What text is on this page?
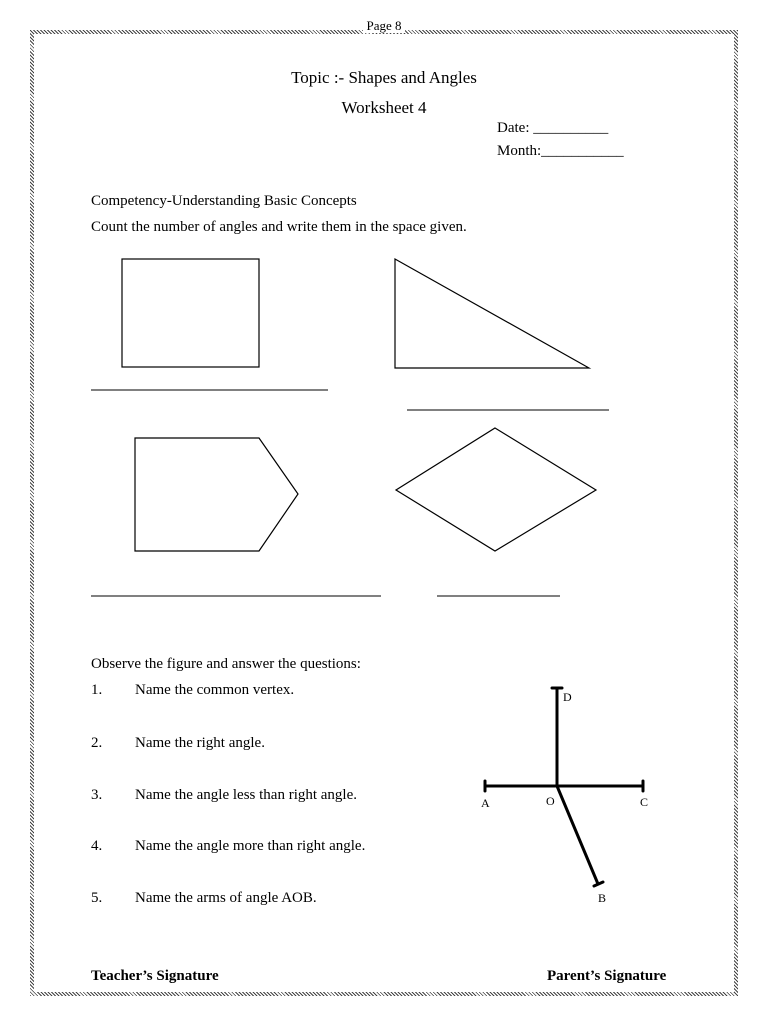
Page 8
Topic :- Shapes and Angles
Worksheet 4
Date: __________
Month:___________
Competency-Understanding Basic Concepts
Count the number of angles and write them in the space given.
A	O	C
D
B
Observe the figure and answer the questions:
1. Name the common vertex.
2. Name the right angle.
3. Name the angle less than right angle.
4. Name the angle more than right angle.
5. Name the arms of angle AOB.
Teacher’s Signature	Parent’s Signature
